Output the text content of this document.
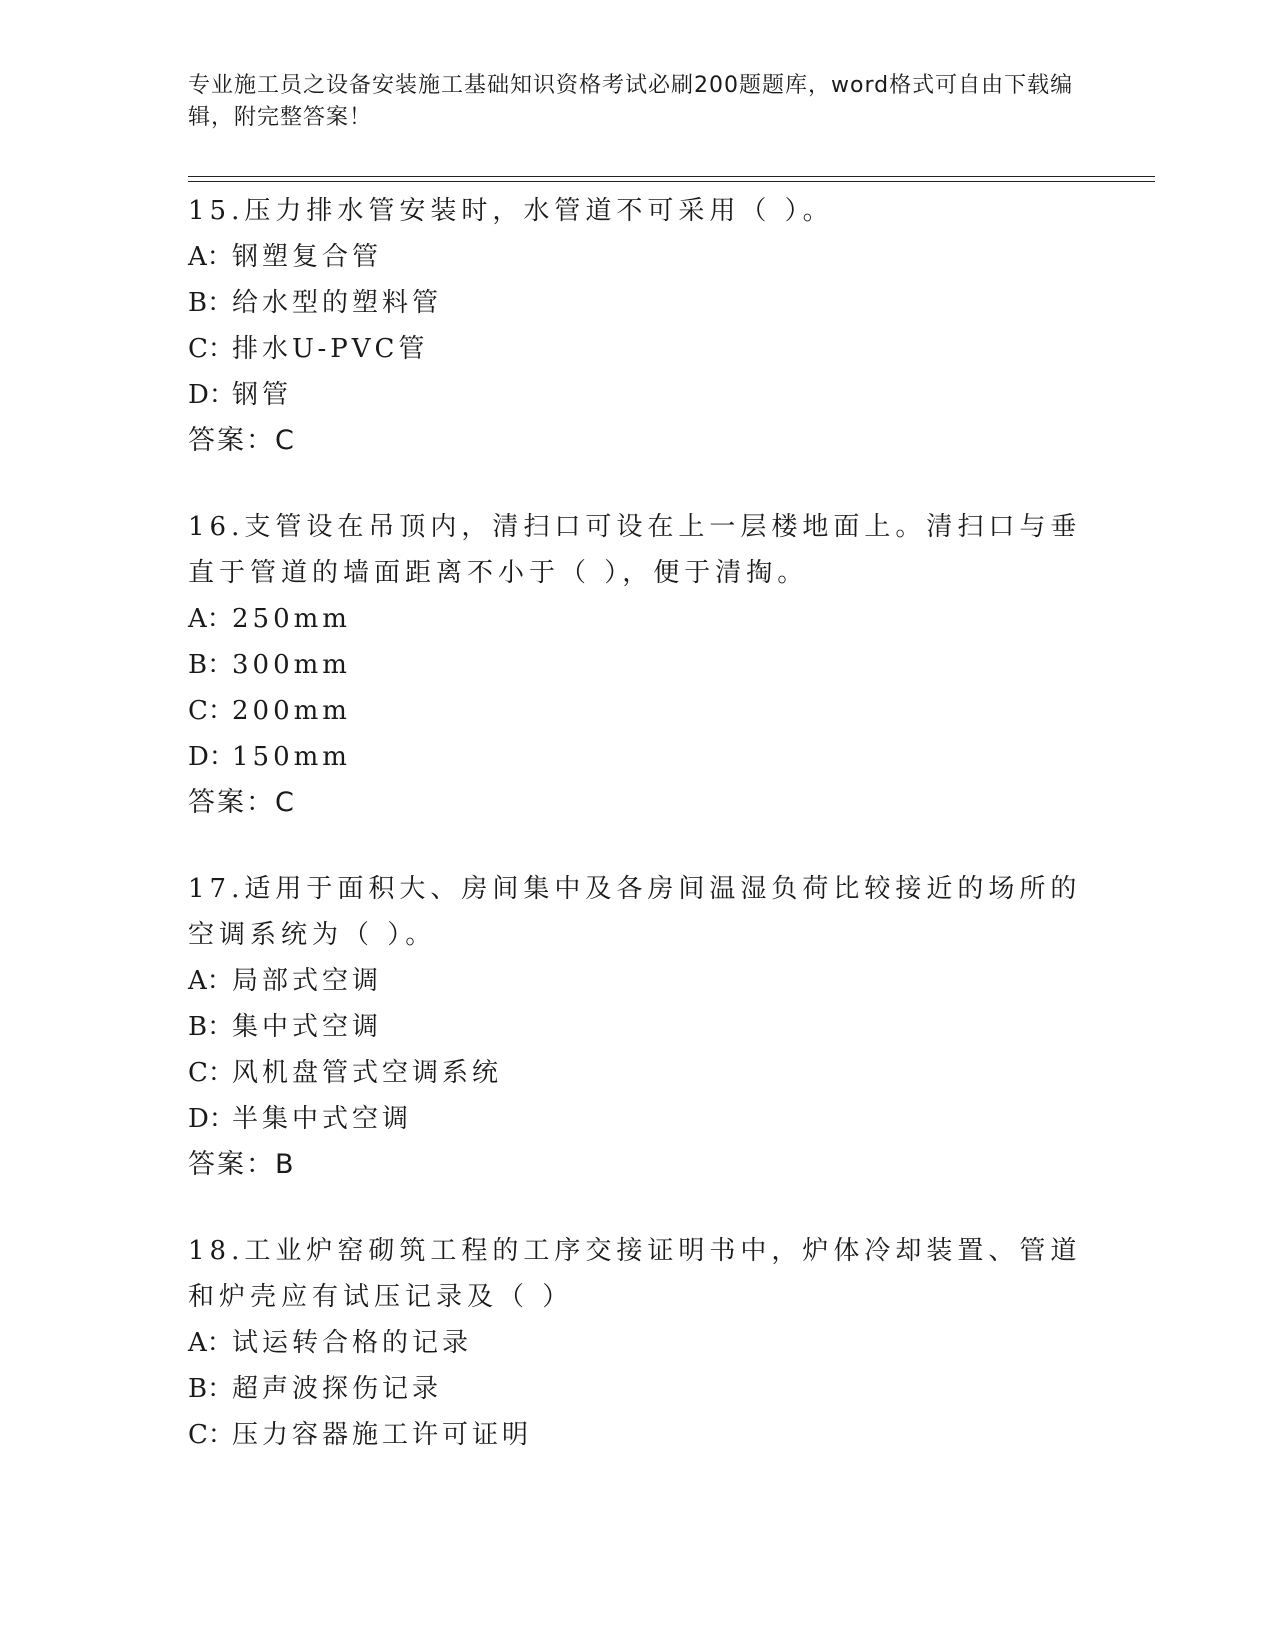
专业施工员之设备安装施工基础知识资格考试必刷200题题库，word格式可自由下载编辑，附完整答案！

15.压力排水管安装时，水管道不可采用（ ）。

A：钢塑复合管

B：给水型的塑料管

C：排水U-PVC管

D：钢管

答案：C

16.支管设在吊顶内，清扫口可设在上一层楼地面上。清扫口与垂直于管道的墙面距离不小于（ ），便于清掏。

A：250mm

B：300mm

C：200mm

D：150mm

答案：C

17.适用于面积大、房间集中及各房间温湿负荷比较接近的场所的空调系统为（ ）。

A：局部式空调

B：集中式空调

C：风机盘管式空调系统

D：半集中式空调

答案：B

18.工业炉窑砌筑工程的工序交接证明书中，炉体冷却装置、管道和炉壳应有试压记录及（ ）

A：试运转合格的记录

B：超声波探伤记录

C：压力容器施工许可证明
